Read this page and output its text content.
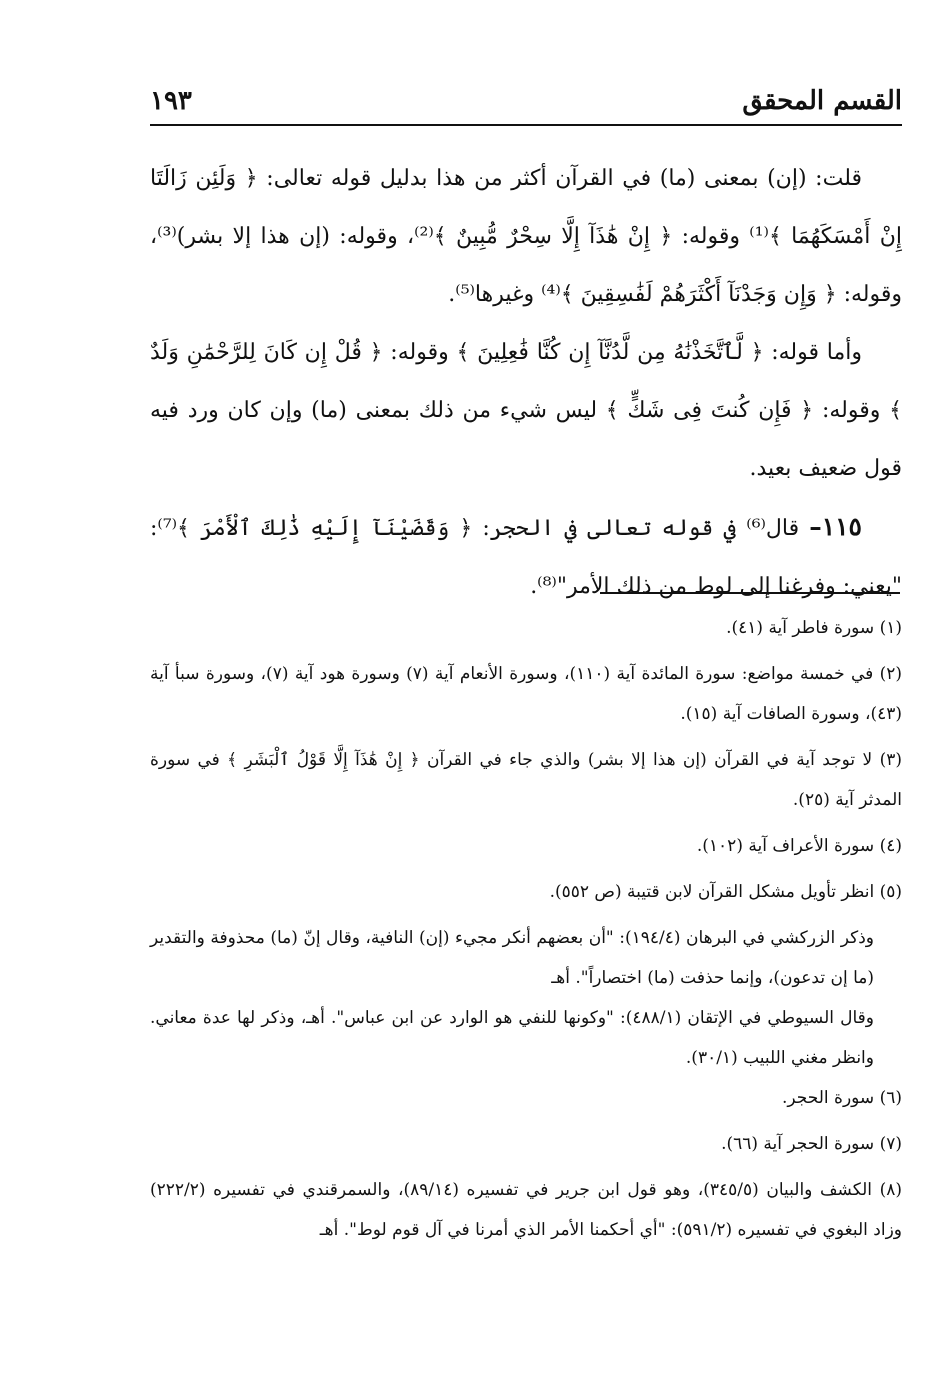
القسم المحقق
١٩٣

قلت: (إن) بمعنى (ما) في القرآن أكثر من هذا بدليل قوله تعالى: ﴿ وَلَئِن زَالَتَا إِنْ أَمْسَكَهُمَا ﴾⁽¹⁾ وقوله: ﴿ إِنْ هَٰذَآ إِلَّا سِحْرٌ مُّبِينٌ ﴾⁽²⁾، وقوله: (إن هذا إلا بشر)⁽³⁾، وقوله: ﴿ وَإِن وَجَدْنَآ أَكْثَرَهُمْ لَفَٰسِقِينَ ﴾⁽⁴⁾ وغيرها⁽⁵⁾.

وأما قوله: ﴿ لَّٱتَّخَذْنَٰهُ مِن لَّدُنَّآ إِن كُنَّا فَٰعِلِينَ ﴾ وقوله: ﴿ قُلْ إِن كَانَ لِلرَّحْمَٰنِ وَلَدٌ ﴾ وقوله: ﴿ فَإِن كُنتَ فِى شَكٍّ ﴾ ليس شيء من ذلك بمعنى (ما) وإن كان ورد فيه قول ضعيف بعيد.

١١٥– قال⁽⁶⁾ في قوله تعالى في الحجر: ﴿ وَقَضَيْنَآ إِلَيْهِ ذَٰلِكَ ٱلْأَمْرَ ﴾⁽⁷⁾: "يعني: وفرغنا إلى لوط من ذلك الأمر"⁽⁸⁾.

(١) سورة فاطر آية (٤١).

(٢) في خمسة مواضع: سورة المائدة آية (١١٠)، وسورة الأنعام آية (٧) وسورة هود آية (٧)، وسورة سبأ آية (٤٣)، وسورة الصافات آية (١٥).

(٣) لا توجد آية في القرآن (إن هذا إلا بشر) والذي جاء في القرآن ﴿ إِنْ هَٰذَآ إِلَّا قَوْلُ ٱلْبَشَرِ ﴾ في سورة المدثر آية (٢٥).

(٤) سورة الأعراف آية (١٠٢).

(٥) انظر تأويل مشكل القرآن لابن قتيبة (ص ٥٥٢).

وذكر الزركشي في البرهان (١٩٤/٤): "أن بعضهم أنكر مجيء (إن) النافية، وقال إنّ (ما) محذوفة والتقدير (ما إن تدعون)، وإنما حذفت (ما) اختصاراً". أهـ

وقال السيوطي في الإتقان (٤٨٨/١): "وكونها للنفي هو الوارد عن ابن عباس". أهـ، وذكر لها عدة معاني. وانظر مغني اللبيب (٣٠/١).

(٦) سورة الحجر.

(٧) سورة الحجر آية (٦٦).

(٨) الكشف والبيان (٣٤٥/٥)، وهو قول ابن جرير في تفسيره (٨٩/١٤)، والسمرقندي في تفسيره (٢٢٢/٢) وزاد البغوي في تفسيره (٥٩١/٢): "أي أحكمنا الأمر الذي أمرنا في آل قوم لوط". أهـ
